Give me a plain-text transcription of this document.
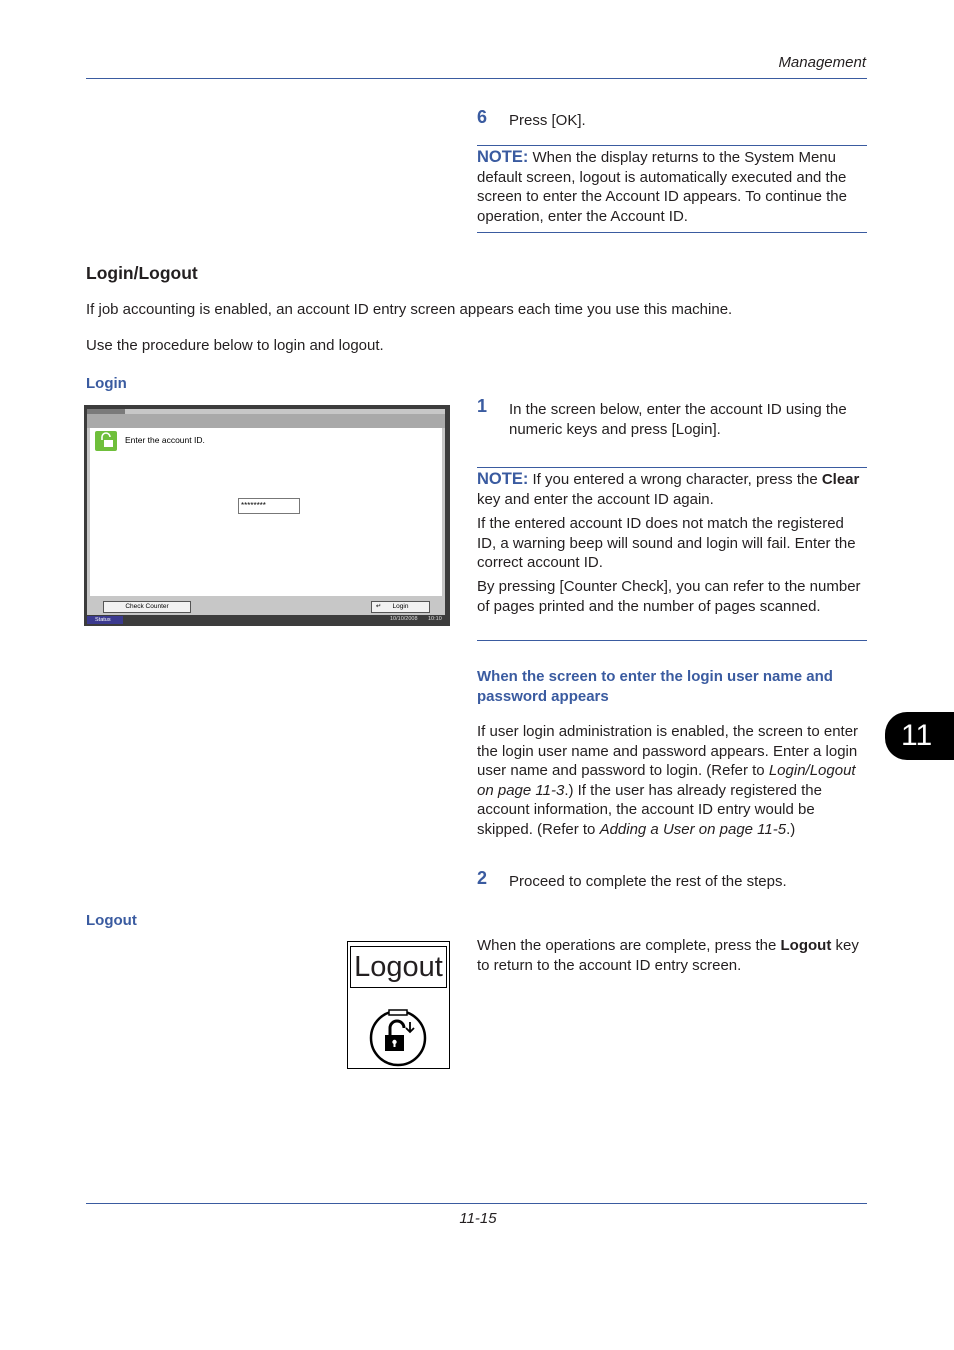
Management
6 Press [OK].

NOTE: When the display returns to the System Menu default screen, logout is automatically executed and the screen to enter the Account ID appears. To continue the operation, enter the Account ID.

Login/Logout
If job accounting is enabled, an account ID entry screen appears each time you use this machine.
Use the procedure below to login and logout.
Login
Enter the account ID.
********
Check Counter	↵ Login
Status	10/10/2008 10:10
1 In the screen below, enter the account ID using the numeric keys and press [Login].

NOTE: If you entered a wrong character, press the Clear key and enter the account ID again.

If the entered account ID does not match the registered ID, a warning beep will sound and login will fail. Enter the correct account ID.

By pressing [Counter Check], you can refer to the number of pages printed and the number of pages scanned.

When the screen to enter the login user name and password appears

If user login administration is enabled, the screen to enter the login user name and password appears. Enter a login user name and password to login. (Refer to Login/Logout on page 11-3.) If the user has already registered the account information, the account ID entry would be skipped. (Refer to Adding a User on page 11-5.)

2 Proceed to complete the rest of the steps.
Logout
Logout

When the operations are complete, press the Logout key to return to the account ID entry screen.

11
11-15
